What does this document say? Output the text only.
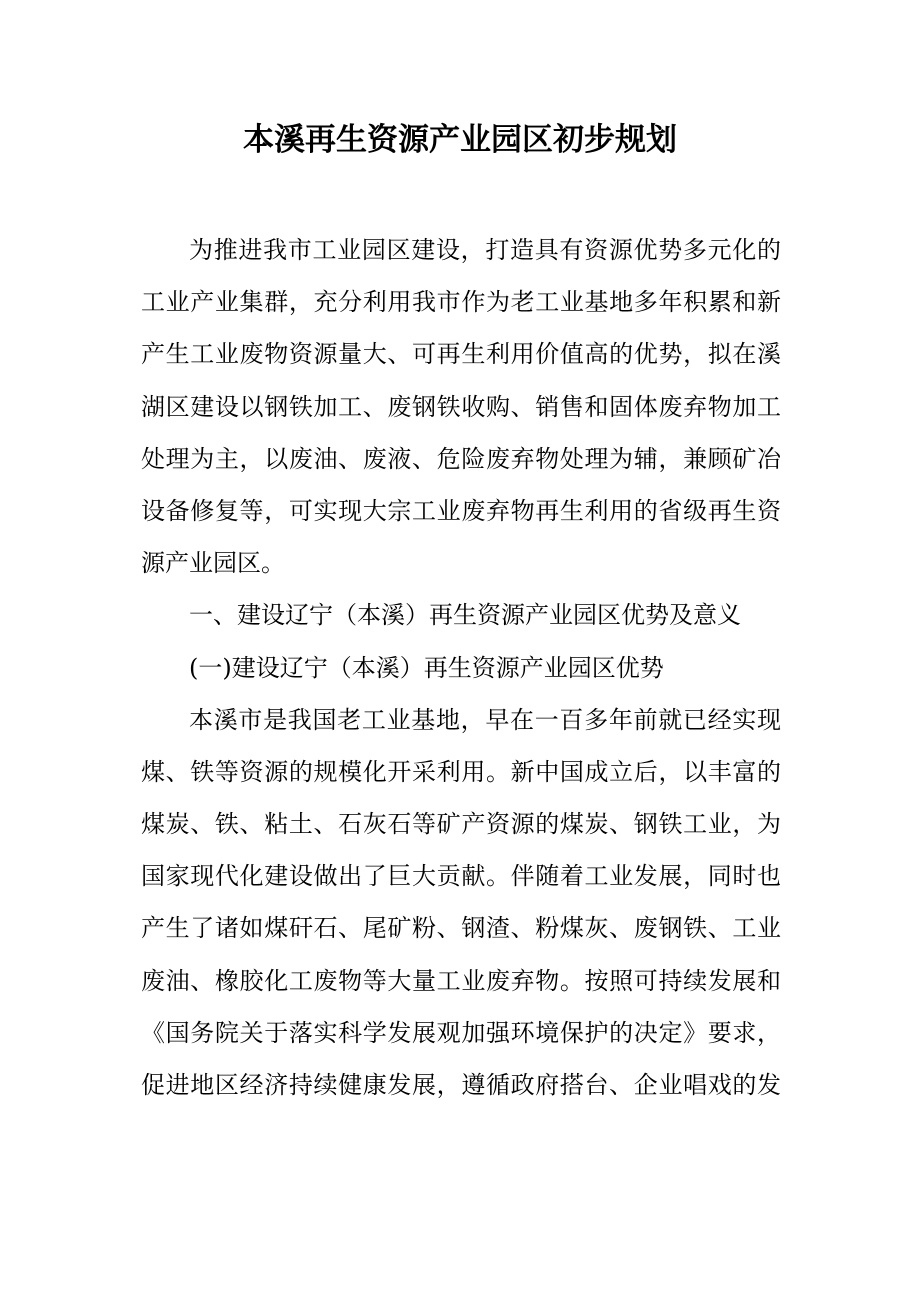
本溪再生资源产业园区初步规划
为推进我市工业园区建设，打造具有资源优势多元化的
工业产业集群，充分利用我市作为老工业基地多年积累和新
产生工业废物资源量大、可再生利用价值高的优势，拟在溪
湖区建设以钢铁加工、废钢铁收购、销售和固体废弃物加工
处理为主，以废油、废液、危险废弃物处理为辅，兼顾矿冶
设备修复等，可实现大宗工业废弃物再生利用的省级再生资
源产业园区。
一、建设辽宁（本溪）再生资源产业园区优势及意义
(一)建设辽宁（本溪）再生资源产业园区优势
本溪市是我国老工业基地，早在一百多年前就已经实现
煤、铁等资源的规模化开采利用。新中国成立后，以丰富的
煤炭、铁、粘土、石灰石等矿产资源的煤炭、钢铁工业，为
国家现代化建设做出了巨大贡献。伴随着工业发展，同时也
产生了诸如煤矸石、尾矿粉、钢渣、粉煤灰、废钢铁、工业
废油、橡胶化工废物等大量工业废弃物。按照可持续发展和
《国务院关于落实科学发展观加强环境保护的决定》要求，
促进地区经济持续健康发展，遵循政府搭台、企业唱戏的发
